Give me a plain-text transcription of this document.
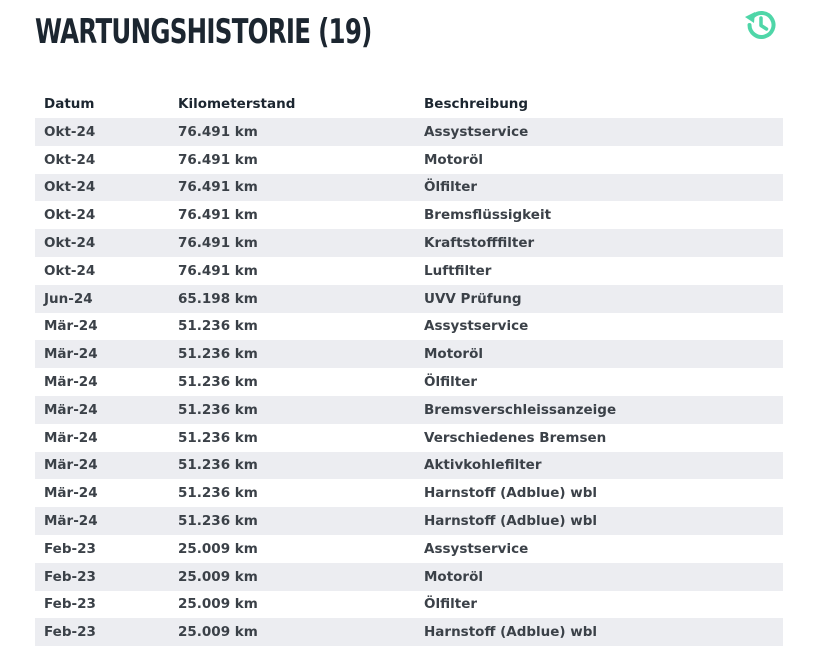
WARTUNGSHISTORIE (19)
Datum	Kilometerstand	Beschreibung
Okt-24	76.491 km	Assystservice
Okt-24	76.491 km	Motoröl
Okt-24	76.491 km	Ölfilter
Okt-24	76.491 km	Bremsflüssigkeit
Okt-24	76.491 km	Kraftstofffilter
Okt-24	76.491 km	Luftfilter
Jun-24	65.198 km	UVV Prüfung
Mär-24	51.236 km	Assystservice
Mär-24	51.236 km	Motoröl
Mär-24	51.236 km	Ölfilter
Mär-24	51.236 km	Bremsverschleissanzeige
Mär-24	51.236 km	Verschiedenes Bremsen
Mär-24	51.236 km	Aktivkohlefilter
Mär-24	51.236 km	Harnstoff (Adblue) wbl
Mär-24	51.236 km	Harnstoff (Adblue) wbl
Feb-23	25.009 km	Assystservice
Feb-23	25.009 km	Motoröl
Feb-23	25.009 km	Ölfilter
Feb-23	25.009 km	Harnstoff (Adblue) wbl
